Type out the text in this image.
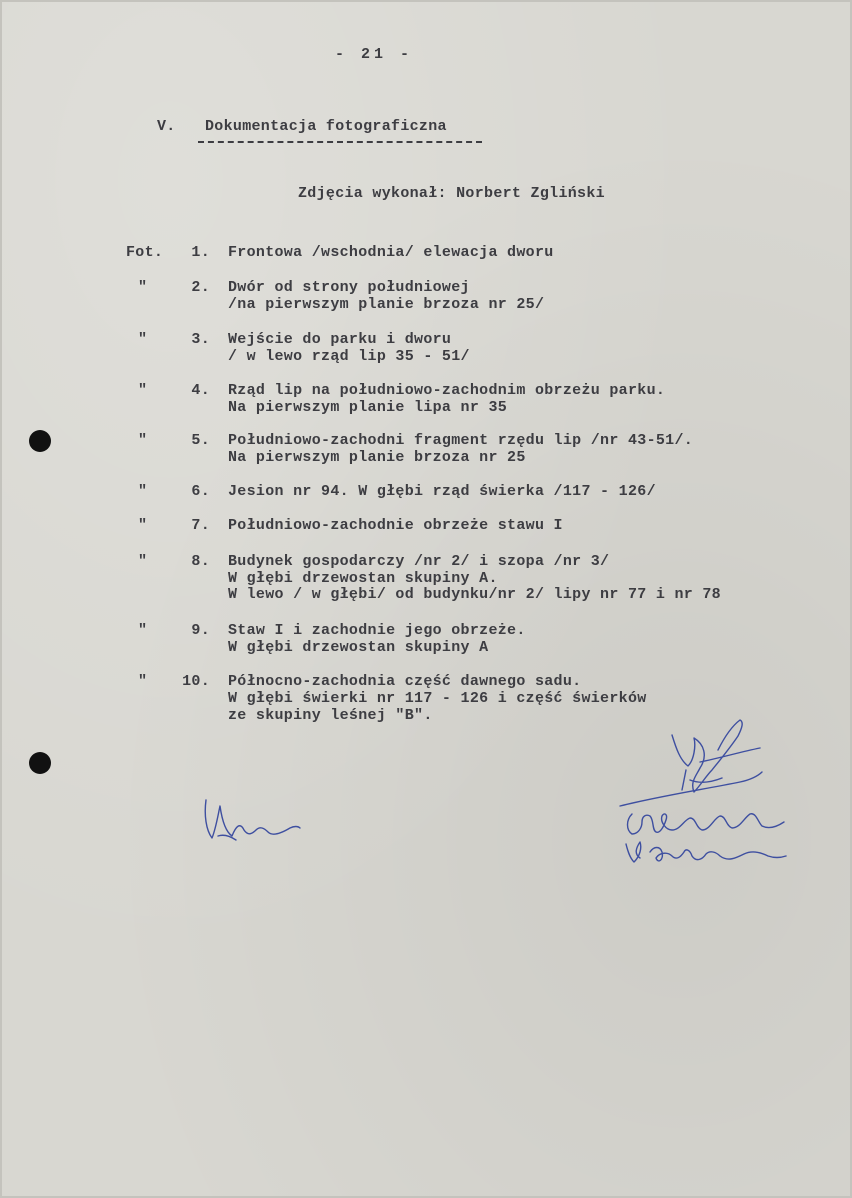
- 21 -
V. Dokumentacja fotograficzna
Zdjęcia wykonał: Norbert Zgliński
Fot.	1. Frontowa /wschodnia/ elewacja dworu
"	2. Dwór od strony południowej
/na pierwszym planie brzoza nr 25/
"	3. Wejście do parku i dworu
/ w lewo rząd lip 35 - 51/
"	4. Rząd lip na południowo-zachodnim obrzeżu parku.
Na pierwszym planie lipa nr 35
"	5. Południowo-zachodni fragment rzędu lip /nr 43-51/.
Na pierwszym planie brzoza nr 25
"	6. Jesion nr 94. W głębi rząd świerka /117 - 126/
"	7. Południowo-zachodnie obrzeże stawu I
"	8. Budynek gospodarczy /nr 2/ i szopa /nr 3/
W głębi drzewostan skupiny A.
W lewo / w głębi/ od budynku/nr 2/ lipy nr 77 i nr 78
"	9. Staw I i zachodnie jego obrzeże.
W głębi drzewostan skupiny A
"	10. Północno-zachodnia część dawnego sadu.
W głębi świerki nr 117 - 126 i część świerków
ze skupiny leśnej "B".
